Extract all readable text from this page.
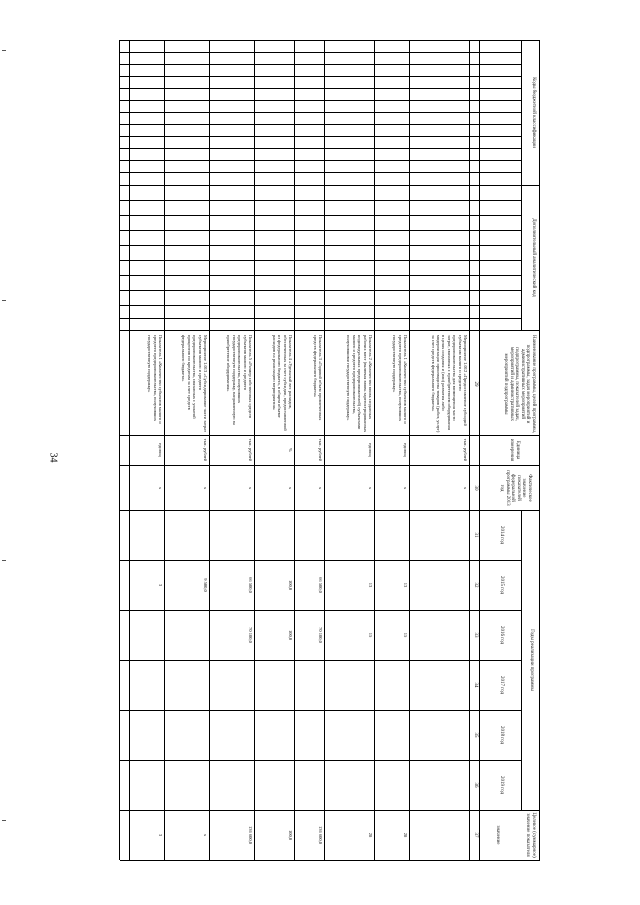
34
Коды бюджетной классификации
Дополнительный аналитический код
Наименование программы, целей программы, подпрограммы, задач мероприятий и административных мероприятий подпрограммы, показателей задач, мероприятий и административных мероприятий подпрограммы
Единица измерения
Фактическое значение показателей федеральной программы 2013 год
Годы реализации программы
2014 год
2015 год
2016 год
2017 год
2018 год
2019 год
Целевое (суммарное) значение показателя
значение
29
30
31
32
33
34
35
36
37
Мероприятие 1.012 «Предоставление субсидий субъектам малого и среднего предпринимательства для возмещения части затрат, связанных с приобретением оборудования в целях создания и (или) развития либо модернизации производства товаров (работ, услуг) за счет средств федерального бюджета»
тыс. рублей
х
Показатель 1 «Количество субъектов малого и среднего предпринимательства, получивших государственную поддержку»
единиц
х
13
15
28
Показатель 2 «Количество вновь созданных рабочих мест (включая вновь зарегистрированных индивидуальных предпринимателей) субъектами малого и среднего предпринимательства, получившими государственную поддержку»
единиц
х
13
15
28
Показатель 3 «Годовой объем привлеченных средств федерального бюджета»
тыс. рублей
х
66 500,0
70 100,0
136 600,0
Показатель 4 «Удельный вес расходов, обеспеченных за счет субсидии, предоставленной из федерального бюджета, в общем объеме расходов на реализацию мероприятия»
%
х
100,0
100,0
100,0
Показатель 5 «Размер собственных средств субъектов малого и среднего предпринимательства, получивших государственную поддержку, направленную на приобретение оборудования»
тыс. рублей
х
66 500,0
70 100,0
136 600,0
Мероприятие 1.013 «Субсидирование части затрат субъектов малого и среднего предпринимательства, связанных с уплатой процентов по кредитам за счет средств федерального бюджета»
тыс. рублей
х
9 500,0
х
Показатель 1 «Количество субъектов малого и среднего предпринимательства, получивших государственную поддержку»
единиц
х
3
3
